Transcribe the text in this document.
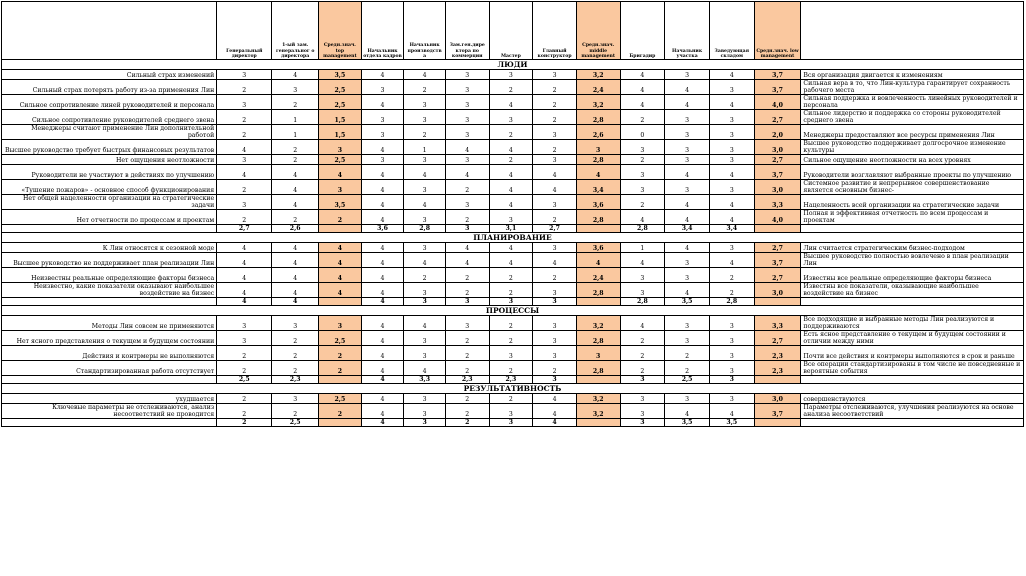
	Генеральный директор	1-ый зам. генеральног о директора	Средн.знач. top management	Начальник отдела кадров	Начальник производств а	Зам.ген.дире ктора по коммерции	Мастер	Главный конструктор	Средн.знач. middle management	Бригадир	Начальник участка	Заведующая складом	Средн.знач. low management	
ЛЮДИ														
Сильный страх изменений	3	4	3,5	4	4	3	3	3	3,2	4	3	4	3,7	Вся организация двигается к изменениям
Сильный страх потерять работу из-за применения Лин	2	3	2,5	3	2	3	2	2	2,4	4	4	3	3,7	Сильная вера в то, что Лин-культура гарантирует сохранность рабочего места
Сильное сопротивление линей руководителей и персонала	3	2	2,5	4	3	3	4	2	3,2	4	4	4	4,0	Сильная поддержка и вовлеченность линейных руководителей и персонала
Сильное сопротивление руководителей среднего звена	2	1	1,5	3	3	3	3	2	2,8	2	3	3	2,7	Сильное лидерство и поддержка со стороны руководителей среднего звена
Менеджеры считают применение Лин дополнительной работой	2	1	1,5	3	2	3	2	3	2,6	0	3	3	2,0	Менеджеры предоставляют все ресурсы применения Лин
Высшее руководство требует быстрых финансовых результатов	4	2	3	4	1	4	4	2	3	3	3	3	3,0	Высшее руководство поддерживает долгосрочное изменение культуры
Нет ощущения неотложности	3	2	2,5	3	3	3	2	3	2,8	2	3	3	2,7	Сильное ощущение неотложности на всех уровнях
Руководители не участвуют в действиях по улучшению	4	4	4	4	4	4	4	4	4	3	4	4	3,7	Руководители возглавляют выбранные проекты по улучшению
«Тушение пожаров» - основное способ функционирования	2	4	3	4	3	2	4	4	3,4	3	3	3	3,0	Системное развитие и непрерывное совершенствование является основным бизнес-
Нет общей нацеленности организации на стратегические задачи	3	4	3,5	4	4	3	4	3	3,6	2	4	4	3,3	Нацеленность всей организации на стратегические задачи
Нет отчетности по процессам и проектам	2	2	2	4	3	2	3	2	2,8	4	4	4	4,0	Полная и эффективная отчетность по всем процессам и проектам
	2,7	2,6		3,6	2,8	3	3,1	2,7		2,8	3,4	3,4		
ПЛАНИРОВАНИЕ														
К Лин относятся к сезонной моде	4	4	4	4	3	4	4	3	3,6	1	4	3	2,7	Лин считается стратегическим бизнес-подходом
Высшее руководство не поддерживает план реализации Лин	4	4	4	4	4	4	4	4	4	4	3	4	3,7	Высшее руководство полностью вовлечено в план реализации Лин
Неизвестны реальные определяющие факторы бизнеса	4	4	4	4	2	2	2	2	2,4	3	3	2	2,7	Известны все реальные определяющие факторы бизнеса
Неизвестно, какие показатели оказывают наибольшее воздействие на бизнес	4	4	4	4	3	2	2	3	2,8	3	4	2	3,0	Известны все показатели, оказывающие наибольшее воздействие на бизнес
	4	4		4	3	3	3	3		2,8	3,5	2,8		
ПРОЦЕССЫ														
Методы Лин совсем не применяются	3	3	3	4	4	3	2	3	3,2	4	3	3	3,3	Все подходящие и выбранные методы Лин реализуются и поддерживаются
Нет ясного представления о текущем и будущем состоянии	3	2	2,5	4	3	2	2	3	2,8	2	3	3	2,7	Есть ясное представление о текущем и будущем состоянии и отличии между ними
Действия и контрмеры не выполняются	2	2	2	4	3	2	3	3	3	2	2	3	2,3	Почти все действия и контрмеры выполняются в срок и раньше
Стандартизированная работа отсутствует	2	2	2	4	4	2	2	2	2,8	2	2	3	2,3	Все операции стандартизированы в том числе не повседневные и вероятные события
	2,5	2,3		4	3,3	2,3	2,3	3		3	2,5	3		
РЕЗУЛЬТАТИВНОСТЬ														
ухудшается	2	3	2,5	4	3	2	2	4	3,2	3	3	3	3,0	совершенствуются
Ключевые параметры не отслеживаются, анализ несоответствий не проводится	2	2	2	4	3	2	3	4	3,2	3	4	4	3,7	Параметры отслеживаются, улучшения реализуются на основе анализа несоответствий
	2	2,5		4	3	2	3	4		3	3,5	3,5		
